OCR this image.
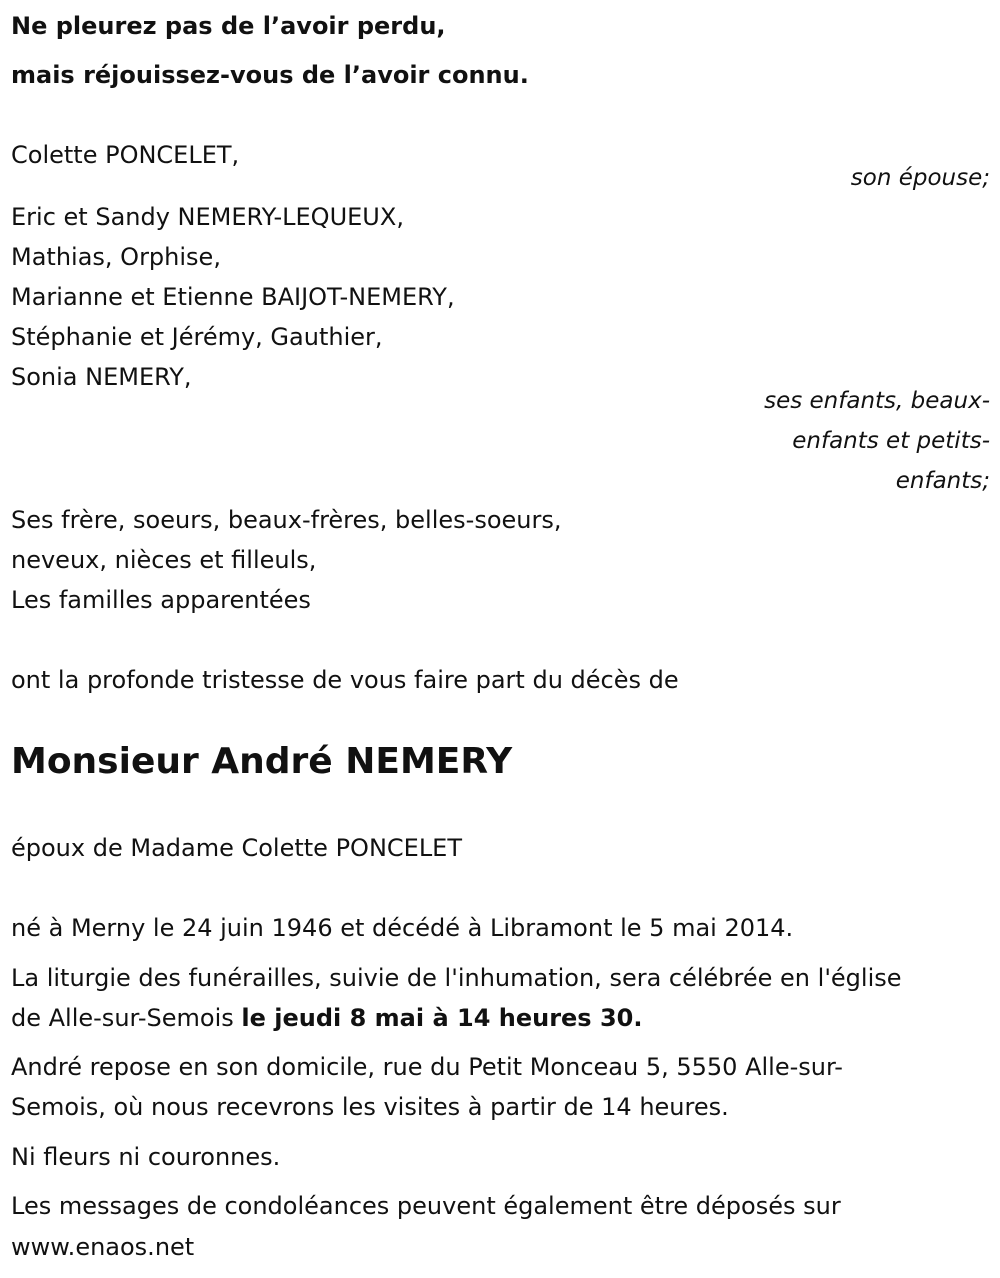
Ne pleurez pas de l’avoir perdu,
mais réjouissez-vous de l’avoir connu.
Colette PONCELET,
son épouse;
Eric et Sandy NEMERY-LEQUEUX,
Mathias, Orphise,
Marianne et Etienne BAIJOT-NEMERY,
Stéphanie et Jérémy, Gauthier,
Sonia NEMERY,
ses enfants, beaux-
enfants et petits-
enfants;
Ses frère, soeurs, beaux-frères, belles-soeurs,
neveux, nièces et filleuls,
Les familles apparentées
ont la profonde tristesse de vous faire part du décès de
Monsieur André NEMERY
époux de Madame Colette PONCELET
né à Merny le 24 juin 1946 et décédé à Libramont le 5 mai 2014.
La liturgie des funérailles, suivie de l'inhumation, sera célébrée en l'église
de Alle-sur-Semois le jeudi 8 mai à 14 heures 30.
André repose en son domicile, rue du Petit Monceau 5, 5550 Alle-sur-
Semois, où nous recevrons les visites à partir de 14 heures.
Ni fleurs ni couronnes.
Les messages de condoléances peuvent également être déposés sur
www.enaos.net
